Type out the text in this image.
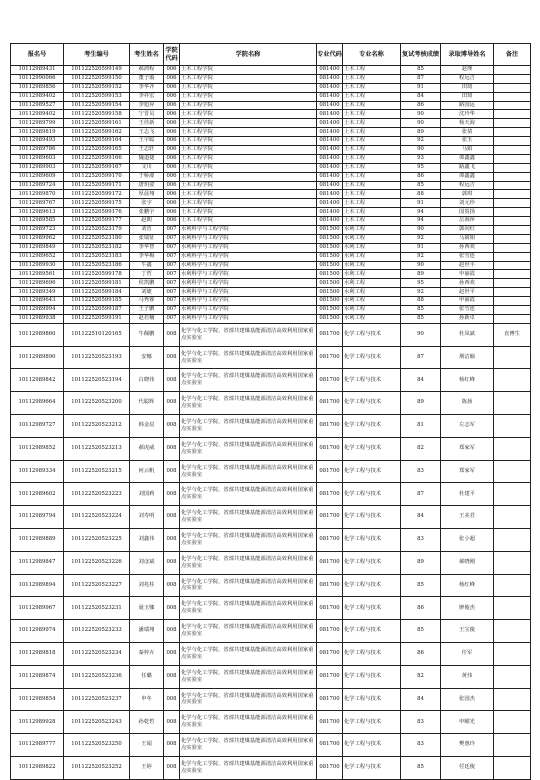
报名号	考生编号	考生姓名	学院代码	学院名称	专业代码	专业名称	复试考核成绩	录取博导姓名	备注
10112989431	101122520599149	郝鸿程	006	土木工程学院	081400	土木工程	85	赵理	
10112990066	101122520599150	董子璇	006	土木工程学院	081400	土木工程	87	程远吉	
10112989856	101122520599152	李华齐	006	土木工程学院	081400	土木工程	91	田琦	
10112989402	101122520599153	李祥宏	006	土木工程学院	081400	土木工程	84	田琦	
10112989527	101122520599154	李旭昇	006	土木工程学院	081400	土木工程	86	路国运	
10112989402	101122520599158	宁晋员	006	土木工程学院	081400	土木工程	90	沈玲华	
10112989799	101122520599161	王佳新	006	土木工程学院	081400	土木工程	90	杨天海	
10112989819	101122520599162	王志飞	006	土木工程学院	081400	土木工程	89	张倩	
10112989493	101122520599164	王宇聪	006	土木工程学院	081400	土木工程	92	张玉	
10112989786	101122520599165	王志轩	006	土木工程学院	081400	土木工程	90	马娟	
10112989603	101122520599166	魏道捷	006	土木工程学院	081400	土木工程	93	谭鑫鑫	
10112989903	101122520599167	文川	006	土木工程学院	081400	土木工程	95	路鑫飞	
10112989609	101122520599170	于桥濛	006	土木工程学院	081400	土木工程	86	谭鑫鑫	
10112989724	101122520599171	唐玥姿	006	土木工程学院	081400	土木工程	85	程远吉	
10112989870	101122520599172	厚晨翔	006	土木工程学院	081400	土木工程	88	郭琪	
10112989767	101122520599175	张宇	006	土木工程学院	081400	土木工程	91	刘元珍	
10112989613	101122520599176	张鹏宇	006	土木工程学院	081400	土木工程	94	国贺扬	
10112989585	101122520599177	赵朗	006	土木工程学院	081400	土木工程	94	岳海萍	
10112989723	101122520523179	刘晋	007	水利科学与工程学院	081500	水利工程	90	郭向红	
10112989962	101122520523180	张瑞征	007	水利科学与工程学院	081500	水利工程	92	马婧娟	
10112989849	101122520523182	李华智	007	水利科学与工程学院	081500	水利工程	91	孙西欢	
10112989652	101122520523183	李华梅	007	水利科学与工程学院	081500	水利工程	92	张雪连	
10112989930	101122520523186	牛鑫	007	水利科学与工程学院	081500	水利工程	90	赵世平	
10112989561	101122520599178	丁哲	007	水利科学与工程学院	081500	水利工程	89	申丽霞	
10112989696	101122520599181	侯凯鹏	007	水利科学与工程学院	081500	水利工程	95	孙西欢	
10112989349	101122520599184	刘婕	007	水利科学与工程学院	081500	水利工程	92	赵世平	
10112989643	101122520599185	马秀睿	007	水利科学与工程学院	081500	水利工程	88	申丽霞	
10112989994	101122520599187	王子鹏	007	水利科学与工程学院	081500	水利工程	85	张雪连	
10112989938	101122520599191	赵若楠	007	水利科学与工程学院	081500	水利工程	85	孙新卓	
10112989860	101122510120165	牛佩鹏	008	化学与化工学院、省部共建煤基能源清洁高效利用国家重点实验室	081700	化学工程与技术	90	杜凤斌	直博生
10112989890	101122520523193	安娜	008	化学与化工学院、省部共建煤基能源清洁高效利用国家重点实验室	081700	化学工程与技术	87	荆洁颖	
10112989842	101122520523194	白晓伟	008	化学与化工学院、省部共建煤基能源清洁高效利用国家重点实验室	081700	化学工程与技术	84	杨红峰	
10112989664	101122520523200	代聪辉	008	化学与化工学院、省部共建煤基能源清洁高效利用国家重点实验室	081700	化学工程与技术	89	陈扬	
10112989727	101122520523212	韩金辰	008	化学与化工学院、省部共建煤基能源清洁高效利用国家重点实验室	081700	化学工程与技术	81	左志军	
10112989852	101122520523213	郝虎威	008	化学与化工学院、省部共建煤基能源清洁高效利用国家重点实验室	081700	化学工程与技术	82	郑家军	
10112989334	101122520523215	何云帆	008	化学与化工学院、省部共建煤基能源清洁高效利用国家重点实验室	081700	化学工程与技术	83	郑家军	
10112989602	101122520523223	刘国莉	008	化学与化工学院、省部共建煤基能源清洁高效利用国家重点实验室	081700	化学工程与技术	87	杜建平	
10112989794	101122520523224	刘寿明	008	化学与化工学院、省部共建煤基能源清洁高效利用国家重点实验室	081700	化学工程与技术	84	王美君	
10112989889	101122520523225	刘鑫伟	008	化学与化工学院、省部共建煤基能源清洁高效利用国家重点实验室	081700	化学工程与技术	83	张小超	
10112989847	101122520523226	刘彦斌	008	化学与化工学院、省部共建煤基能源清洁高效利用国家重点实验室	081700	化学工程与技术	89	郝晓刚	
10112989894	101122520523227	刘兆柱	008	化学与化工学院、省部共建煤基能源清洁高效利用国家重点实验室	081700	化学工程与技术	85	杨红峰	
10112989967	101122520523231	聂玉娜	008	化学与化工学院、省部共建煤基能源清洁高效利用国家重点实验室	081700	化学工程与技术	86	廖俊杰	
10112989974	101122520523233	潘瑞翔	008	化学与化工学院、省部共建煤基能源清洁高效利用国家重点实验室	081700	化学工程与技术	85	王宝俊	
10112989818	101122520523234	秦梓卉	008	化学与化工学院、省部共建煤基能源清洁高效利用国家重点实验室	081700	化学工程与技术	86	任军	
10112989874	101122520523236	任璐	008	化学与化工学院、省部共建煤基能源清洁高效利用国家重点实验室	081700	化学工程与技术	82	黄伟	
10112989854	101122520523237	申冬	008	化学与化工学院、省部共建煤基能源清洁高效利用国家重点实验室	081700	化学工程与技术	84	张国杰	
10112989928	101122520523243	孙乾哲	008	化学与化工学院、省部共建煤基能源清洁高效利用国家重点实验室	081700	化学工程与技术	83	申曜光	
10112989777	101122520523250	王闻	008	化学与化工学院、省部共建煤基能源清洁高效利用国家重点实验室	081700	化学工程与技术	83	樊惠玲	
10112989822	101122520523252	王婷	008	化学与化工学院、省部共建煤基能源清洁高效利用国家重点实验室	081700	化学工程与技术	85	付廷俊	
